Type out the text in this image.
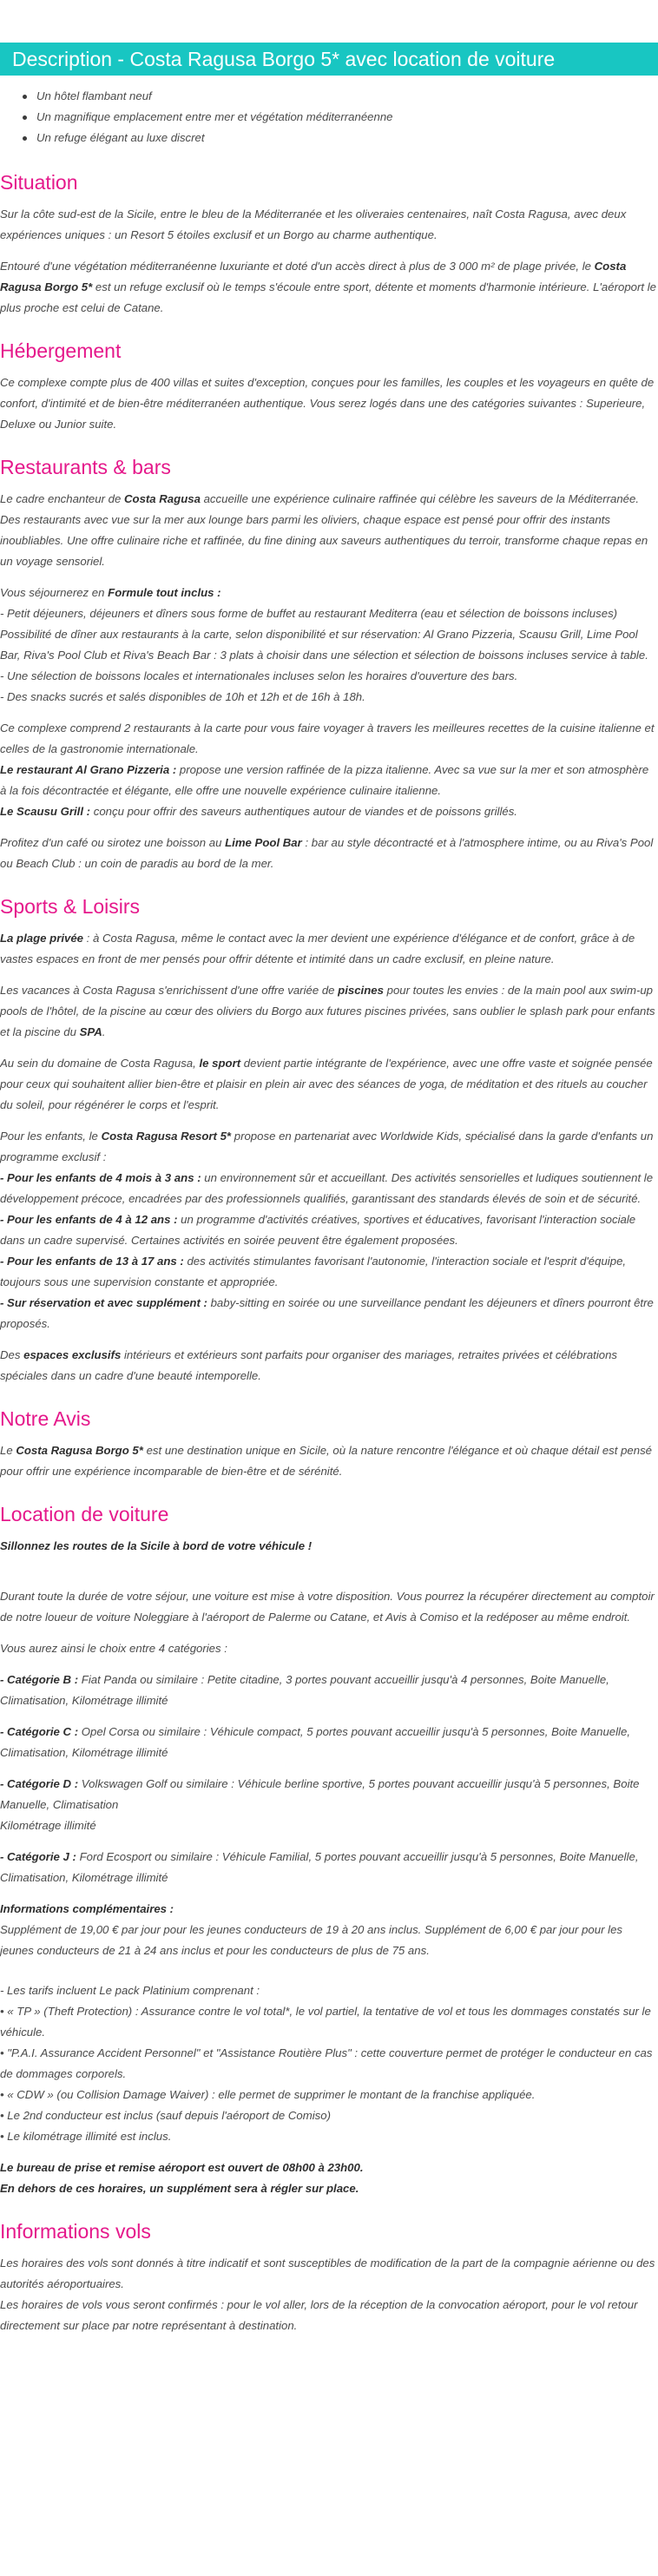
Description - Costa Ragusa Borgo 5* avec location de voiture
Un hôtel flambant neuf
Un magnifique emplacement entre mer et végétation méditerranéenne
Un refuge élégant au luxe discret
Situation

Sur la côte sud-est de la Sicile, entre le bleu de la Méditerranée et les oliveraies centenaires, naît Costa Ragusa, avec deux expériences uniques : un Resort 5 étoiles exclusif et un Borgo au charme authentique.

Entouré d'une végétation méditerranéenne luxuriante et doté d'un accès direct à plus de 3 000 m² de plage privée, le Costa Ragusa Borgo 5* est un refuge exclusif où le temps s'écoule entre sport, détente et moments d'harmonie intérieure. L'aéroport le plus proche est celui de Catane.

Hébergement

Ce complexe compte plus de 400 villas et suites d'exception, conçues pour les familles, les couples et les voyageurs en quête de confort, d'intimité et de bien-être méditerranéen authentique. Vous serez logés dans une des catégories suivantes : Superieure, Deluxe ou Junior suite.

Restaurants & bars

Le cadre enchanteur de Costa Ragusa accueille une expérience culinaire raffinée qui célèbre les saveurs de la Méditerranée. Des restaurants avec vue sur la mer aux lounge bars parmi les oliviers, chaque espace est pensé pour offrir des instants inoubliables. Une offre culinaire riche et raffinée, du fine dining aux saveurs authentiques du terroir, transforme chaque repas en un voyage sensoriel.

Vous séjournerez en Formule tout inclus :
- Petit déjeuners, déjeuners et dîners sous forme de buffet au restaurant Mediterra (eau et sélection de boissons incluses)
Possibilité de dîner aux restaurants à la carte, selon disponibilité et sur réservation: Al Grano Pizzeria, Scausu Grill, Lime Pool Bar, Riva's Pool Club et Riva's Beach Bar : 3 plats à choisir dans une sélection et sélection de boissons incluses service à table.
- Une sélection de boissons locales et internationales incluses selon les horaires d'ouverture des bars.
- Des snacks sucrés et salés disponibles de 10h et 12h et de 16h à 18h.

Ce complexe comprend 2 restaurants à la carte pour vous faire voyager à travers les meilleures recettes de la cuisine italienne et celles de la gastronomie internationale.
Le restaurant Al Grano Pizzeria : propose une version raffinée de la pizza italienne. Avec sa vue sur la mer et son atmosphère à la fois décontractée et élégante, elle offre une nouvelle expérience culinaire italienne.
Le Scausu Grill : conçu pour offrir des saveurs authentiques autour de viandes et de poissons grillés.

Profitez d'un café ou sirotez une boisson au Lime Pool Bar : bar au style décontracté et à l'atmosphere intime, ou au Riva's Pool ou Beach Club : un coin de paradis au bord de la mer.

Sports & Loisirs

La plage privée : à Costa Ragusa, même le contact avec la mer devient une expérience d'élégance et de confort, grâce à de vastes espaces en front de mer pensés pour offrir détente et intimité dans un cadre exclusif, en pleine nature.

Les vacances à Costa Ragusa s'enrichissent d'une offre variée de piscines pour toutes les envies : de la main pool aux swim-up pools de l'hôtel, de la piscine au cœur des oliviers du Borgo aux futures piscines privées, sans oublier le splash park pour enfants et la piscine du SPA.

Au sein du domaine de Costa Ragusa, le sport devient partie intégrante de l'expérience, avec une offre vaste et soignée pensée pour ceux qui souhaitent allier bien-être et plaisir en plein air avec des séances de yoga, de méditation et des rituels au coucher du soleil, pour régénérer le corps et l'esprit.

Pour les enfants, le Costa Ragusa Resort 5* propose en partenariat avec Worldwide Kids, spécialisé dans la garde d'enfants un programme exclusif :
- Pour les enfants de 4 mois à 3 ans : un environnement sûr et accueillant. Des activités sensorielles et ludiques soutiennent le développement précoce, encadrées par des professionnels qualifiés, garantissant des standards élevés de soin et de sécurité.
- Pour les enfants de 4 à 12 ans : un programme d'activités créatives, sportives et éducatives, favorisant l'interaction sociale dans un cadre supervisé. Certaines activités en soirée peuvent être également proposées.
- Pour les enfants de 13 à 17 ans : des activités stimulantes favorisant l'autonomie, l'interaction sociale et l'esprit d'équipe, toujours sous une supervision constante et appropriée.
- Sur réservation et avec supplément : baby-sitting en soirée ou une surveillance pendant les déjeuners et dîners pourront être proposés.

Des espaces exclusifs intérieurs et extérieurs sont parfaits pour organiser des mariages, retraites privées et célébrations spéciales dans un cadre d'une beauté intemporelle.

Notre Avis

Le Costa Ragusa Borgo 5* est une destination unique en Sicile, où la nature rencontre l'élégance et où chaque détail est pensé pour offrir une expérience incomparable de bien-être et de sérénité.

Location de voiture

Sillonnez les routes de la Sicile à bord de votre véhicule !

Durant toute la durée de votre séjour, une voiture est mise à votre disposition. Vous pourrez la récupérer directement au comptoir de notre loueur de voiture Noleggiare à l'aéroport de Palerme ou Catane, et Avis à Comiso et la redéposer au même endroit.

Vous aurez ainsi le choix entre 4 catégories :

- Catégorie B : Fiat Panda ou similaire : Petite citadine, 3 portes pouvant accueillir jusqu'à 4 personnes, Boite Manuelle, Climatisation, Kilométrage illimité

- Catégorie C : Opel Corsa ou similaire : Véhicule compact, 5 portes pouvant accueillir jusqu'à 5 personnes, Boite Manuelle, Climatisation, Kilométrage illimité

- Catégorie D : Volkswagen Golf ou similaire : Véhicule berline sportive, 5 portes pouvant accueillir jusqu'à 5 personnes, Boite Manuelle, Climatisation
Kilométrage illimité

- Catégorie J : Ford Ecosport ou similaire : Véhicule Familial, 5 portes pouvant accueillir jusqu'à 5 personnes, Boite Manuelle, Climatisation, Kilométrage illimité

Informations complémentaires :
Supplément de 19,00 € par jour pour les jeunes conducteurs de 19 à 20 ans inclus. Supplément de 6,00 € par jour pour les jeunes conducteurs de 21 à 24 ans inclus et pour les conducteurs de plus de 75 ans.

- Les tarifs incluent Le pack Platinium comprenant :
• « TP » (Theft Protection) : Assurance contre le vol total*, le vol partiel, la tentative de vol et tous les dommages constatés sur le véhicule.
• "P.A.I. Assurance Accident Personnel" et "Assistance Routière Plus" : cette couverture permet de protéger le conducteur en cas de dommages corporels.
• « CDW » (ou Collision Damage Waiver) : elle permet de supprimer le montant de la franchise appliquée.
• Le 2nd conducteur est inclus (sauf depuis l'aéroport de Comiso)
• Le kilométrage illimité est inclus.

Le bureau de prise et remise aéroport est ouvert de 08h00 à 23h00.
En dehors de ces horaires, un supplément sera à régler sur place.

Informations vols

Les horaires des vols sont donnés à titre indicatif et sont susceptibles de modification de la part de la compagnie aérienne ou des autorités aéroportuaires.
Les horaires de vols vous seront confirmés : pour le vol aller, lors de la réception de la convocation aéroport, pour le vol retour directement sur place par notre représentant à destination.
